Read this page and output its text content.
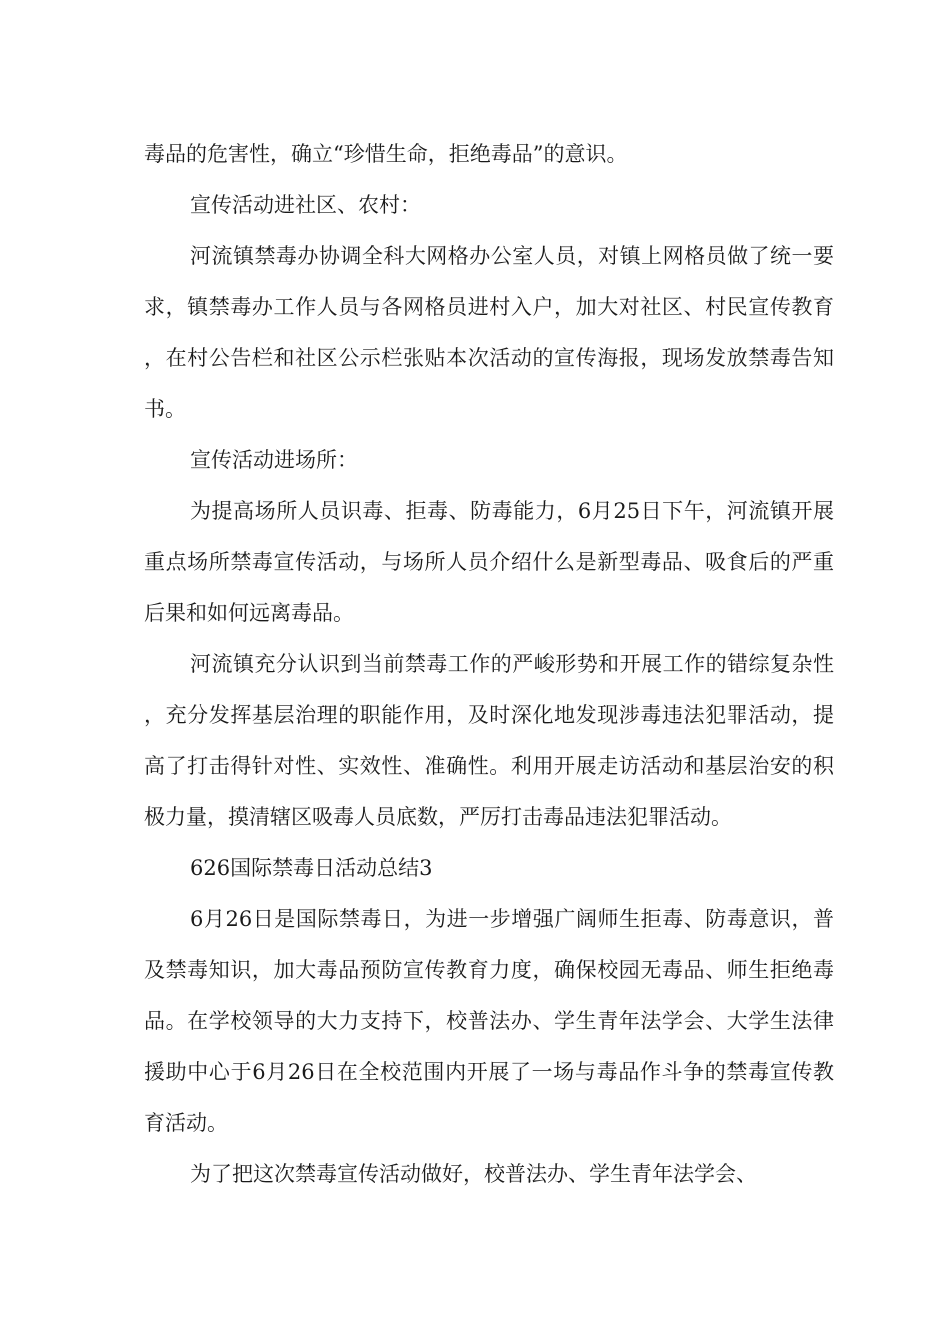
毒品的危害性，确立“珍惜生命，拒绝毒品”的意识。

宣传活动进社区、农村：

河流镇禁毒办协调全科大网格办公室人员，对镇上网格员做了统一要求，镇禁毒办工作人员与各网格员进村入户，加大对社区、村民宣传教育，在村公告栏和社区公示栏张贴本次活动的宣传海报，现场发放禁毒告知书。

宣传活动进场所：

为提高场所人员识毒、拒毒、防毒能力，6月25日下午，河流镇开展重点场所禁毒宣传活动，与场所人员介绍什么是新型毒品、吸食后的严重后果和如何远离毒品。

河流镇充分认识到当前禁毒工作的严峻形势和开展工作的错综复杂性，充分发挥基层治理的职能作用，及时深化地发现涉毒违法犯罪活动，提高了打击得针对性、实效性、准确性。利用开展走访活动和基层治安的积极力量，摸清辖区吸毒人员底数，严厉打击毒品违法犯罪活动。

626国际禁毒日活动总结3

6月26日是国际禁毒日，为进一步增强广阔师生拒毒、防毒意识，普及禁毒知识，加大毒品预防宣传教育力度，确保校园无毒品、师生拒绝毒品。在学校领导的大力支持下，校普法办、学生青年法学会、大学生法律援助中心于6月26日在全校范围内开展了一场与毒品作斗争的禁毒宣传教育活动。

为了把这次禁毒宣传活动做好，校普法办、学生青年法学会、
